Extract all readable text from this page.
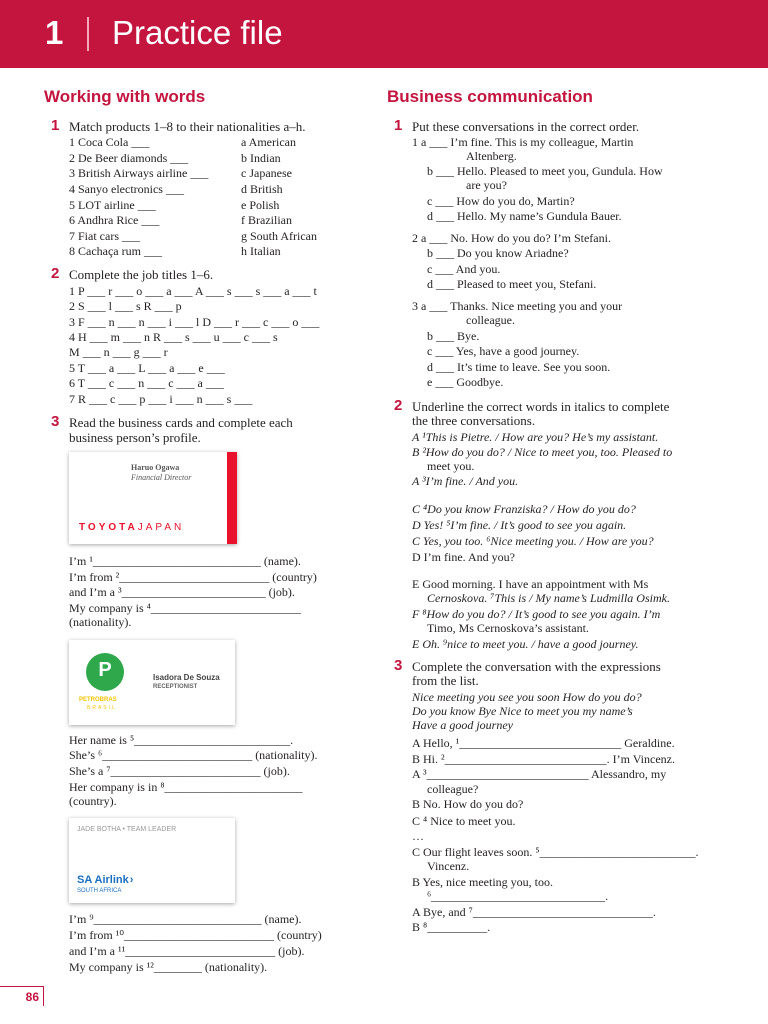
1 Practice file
Working with words
1 Match products 1–8 to their nationalities a–h.
1 Coca Cola ___
2 De Beer diamonds ___
3 British Airways airline ___
4 Sanyo electronics ___
5 LOT airline ___
6 Andhra Rice ___
7 Fiat cars ___
8 Cachaça rum ___
a American
b Indian
c Japanese
d British
e Polish
f Brazilian
g South African
h Italian
2 Complete the job titles 1–6.
1 P ___ r ___ o ___ a ___ A ___ s ___ s ___ a ___ t
2 S ___ l ___ s R ___ p
3 F ___ n ___ n ___ i ___ l D ___ r ___ c ___ o ___
4 H ___ m ___ n R ___ s ___ u ___ c ___ s
M ___ n ___ g ___ r
5 T ___ a ___ L ___ a ___ e ___
6 T ___ c ___ n ___ c ___ a ___
7 R ___ c ___ p ___ i ___ n ___ s ___
3 Read the business cards and complete each
business person’s profile.
Haruo Ogawa
Financial Director
TOYOTAJAPAN
I’m ¹____________________________ (name).
I’m from ²_________________________ (country)
and I’m a ³________________________ (job).
My company is ⁴_________________________
(nationality).
P
PETROBRAS
BRASIL
Isadora De Souza
RECEPTIONIST
Her name is ⁵__________________________.
She’s ⁶_________________________ (nationality).
She’s a ⁷_________________________ (job).
Her company is in ⁸_______________________
(country).
JADE BOTHA • TEAM LEADER
SA Airlink›
SOUTH AFRICA
I’m ⁹____________________________ (name).
I’m from ¹⁰_________________________ (country)
and I’m a ¹¹_________________________ (job).
My company is ¹²________ (nationality).
Business communication
1 Put these conversations in the correct order.
1 a ___ I’m fine. This is my colleague, Martin
Altenberg.
b ___ Hello. Pleased to meet you, Gundula. How
are you?
c ___ How do you do, Martin?
d ___ Hello. My name’s Gundula Bauer.
2 a ___ No. How do you do? I’m Stefani.
b ___ Do you know Ariadne?
c ___ And you.
d ___ Pleased to meet you, Stefani.
3 a ___ Thanks. Nice meeting you and your
colleague.
b ___ Bye.
c ___ Yes, have a good journey.
d ___ It’s time to leave. See you soon.
e ___ Goodbye.
2 Underline the correct words in italics to complete
the three conversations.
A ¹This is Pietre. / How are you? He’s my assistant.
B ²How do you do? / Nice to meet you, too. Pleased to
meet you.
A ³I’m fine. / And you.
C ⁴Do you know Franziska? / How do you do?
D Yes! ⁵I’m fine. / It’s good to see you again.
C Yes, you too. ⁶Nice meeting you. / How are you?
D I’m fine. And you?
E Good morning. I have an appointment with Ms
Cernoskova. ⁷This is / My name’s Ludmilla Osimk.
F ⁸How do you do? / It’s good to see you again. I’m
Timo, Ms Cernoskova’s assistant.
E Oh. ⁹nice to meet you. / have a good journey.
3 Complete the conversation with the expressions
from the list.
Nice meeting you see you soon How do you do?
Do you know Bye Nice to meet you my name’s
Have a good journey
A Hello, ¹___________________________ Geraldine.
B Hi. ²___________________________. I’m Vincenz.
A ³___________________________ Alessandro, my
colleague?
B No. How do you do?
C ⁴ Nice to meet you.
…
C Our flight leaves soon. ⁵__________________________.
Vincenz.
B Yes, nice meeting you, too.
⁶_____________________________.
A Bye, and ⁷______________________________.
B ⁸__________.
86
